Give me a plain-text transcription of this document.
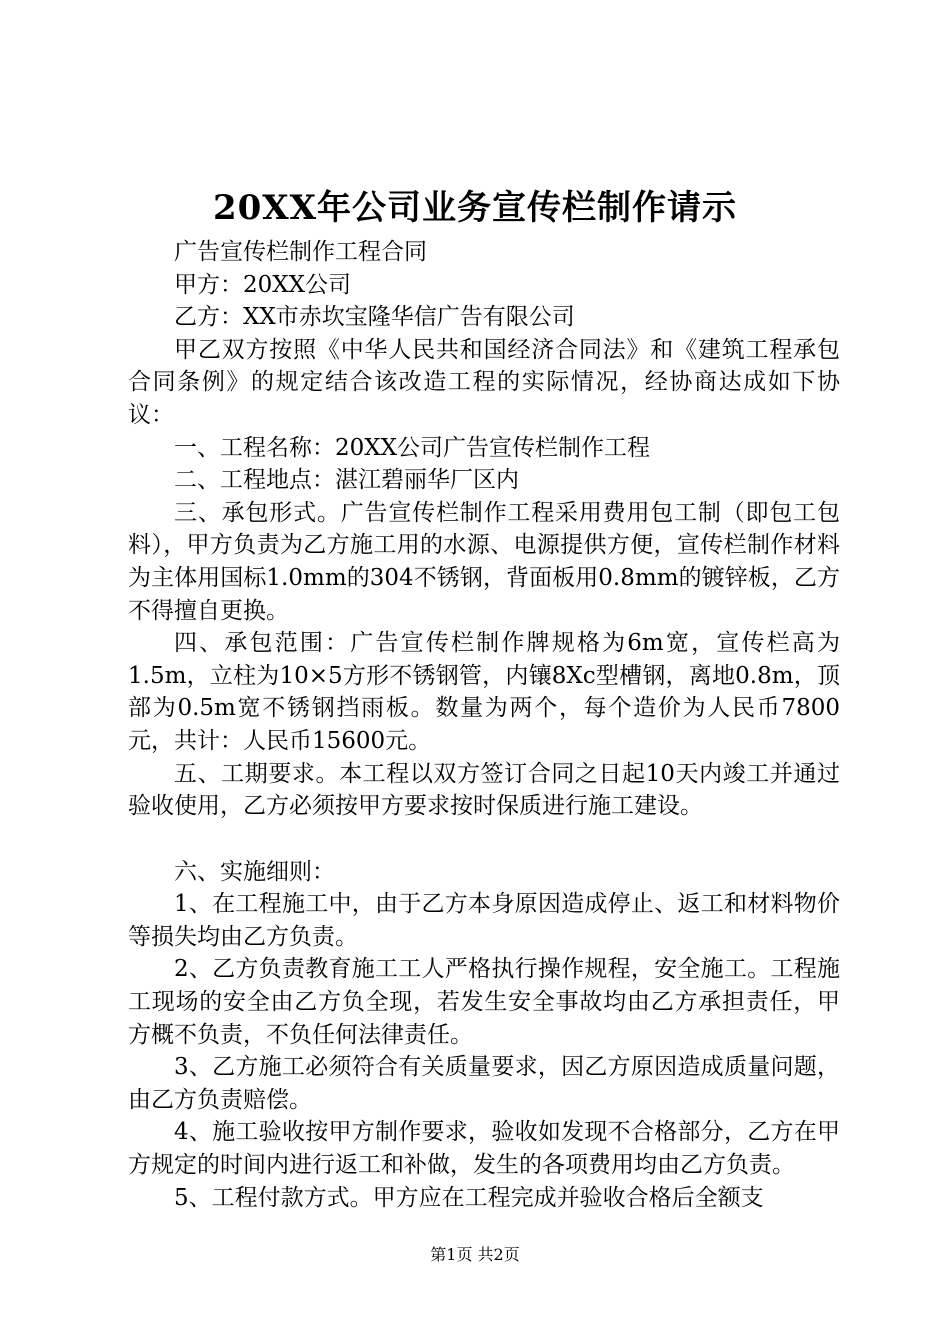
20XX年公司业务宣传栏制作请示

广告宣传栏制作工程合同

甲方：20XX公司

乙方：XX市赤坎宝隆华信广告有限公司

甲乙双方按照《中华人民共和国经济合同法》和《建筑工程承包合同条例》的规定结合该改造工程的实际情况，经协商达成如下协议：

一、工程名称：20XX公司广告宣传栏制作工程

二、工程地点：湛江碧丽华厂区内

三、承包形式。广告宣传栏制作工程采用费用包工制（即包工包料），甲方负责为乙方施工用的水源、电源提供方便，宣传栏制作材料为主体用国标1.0mm的304不锈钢，背面板用0.8mm的镀锌板，乙方不得擅自更换。

四、承包范围：广告宣传栏制作牌规格为6m宽，宣传栏高为1.5m，立柱为10×5方形不锈钢管，内镶8Xc型槽钢，离地0.8m，顶部为0.5m宽不锈钢挡雨板。数量为两个，每个造价为人民币7800元，共计：人民币15600元。

五、工期要求。本工程以双方签订合同之日起10天内竣工并通过验收使用，乙方必须按甲方要求按时保质进行施工建设。

六、实施细则：

1、在工程施工中，由于乙方本身原因造成停止、返工和材料物价等损失均由乙方负责。

2、乙方负责教育施工工人严格执行操作规程，安全施工。工程施工现场的安全由乙方负全现，若发生安全事故均由乙方承担责任，甲方概不负责，不负任何法律责任。

3、乙方施工必须符合有关质量要求，因乙方原因造成质量问题，由乙方负责赔偿。

4、施工验收按甲方制作要求，验收如发现不合格部分，乙方在甲方规定的时间内进行返工和补做，发生的各项费用均由乙方负责。

5、工程付款方式。甲方应在工程完成并验收合格后全额支

第1页 共2页
